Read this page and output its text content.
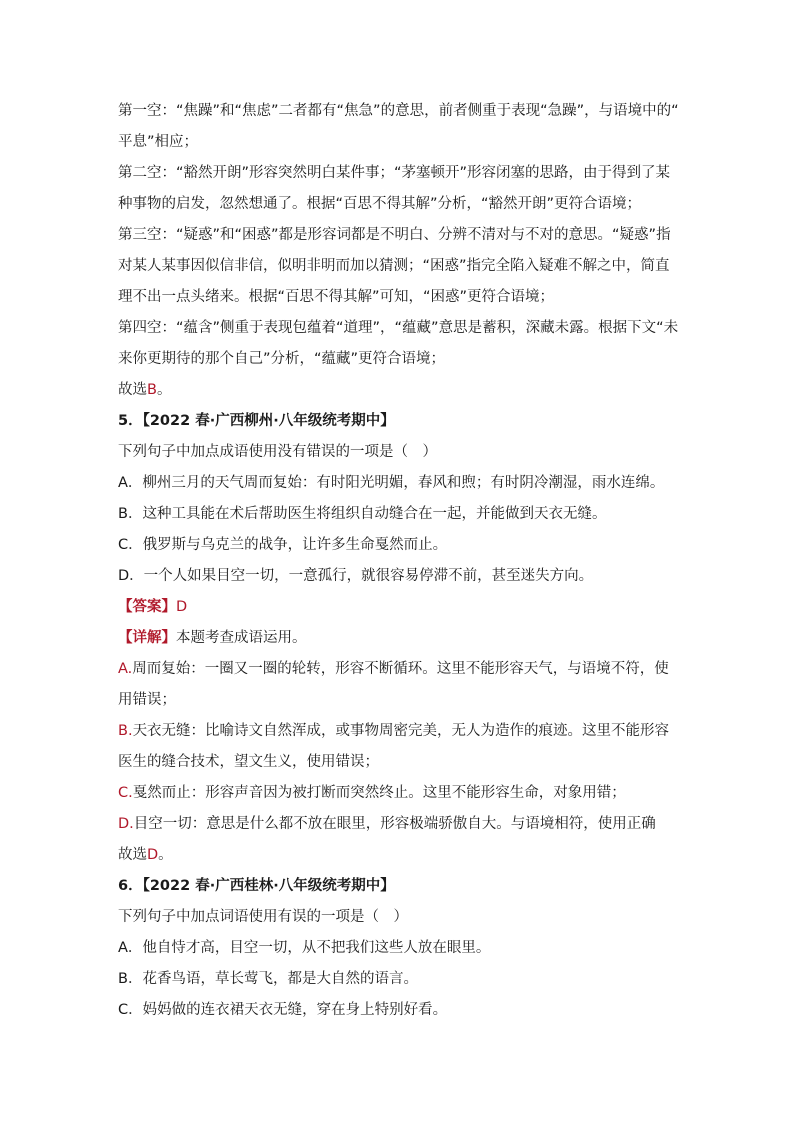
第一空：“焦躁”和“焦虑”二者都有“焦急”的意思，前者侧重于表现“急躁”，与语境中的“
平息”相应；
第二空：“豁然开朗”形容突然明白某件事；“茅塞顿开”形容闭塞的思路，由于得到了某
种事物的启发，忽然想通了。根据“百思不得其解”分析，“豁然开朗”更符合语境；
第三空：“疑惑”和“困惑”都是形容词都是不明白、分辨不清对与不对的意思。“疑惑”指
对某人某事因似信非信，似明非明而加以猜测；“困惑”指完全陷入疑难不解之中，简直
理不出一点头绪来。根据“百思不得其解”可知，“困惑”更符合语境；
第四空：“蕴含”侧重于表现包蕴着“道理”，“蕴藏”意思是蓄积，深藏未露。根据下文“未
来你更期待的那个自己”分析，“蕴藏”更符合语境；
故选B。
5．【2022 春·广西柳州·八年级统考期中】
下列句子中加点成语使用没有错误的一项是（　）
A．柳州三月的天气周而复始：有时阳光明媚，春风和煦；有时阴冷潮湿，雨水连绵。
B．这种工具能在术后帮助医生将组织自动缝合在一起，并能做到天衣无缝。
C．俄罗斯与乌克兰的战争，让许多生命戛然而止。
D．一个人如果目空一切，一意孤行，就很容易停滞不前，甚至迷失方向。
【答案】D
【详解】本题考查成语运用。
A.周而复始：一圈又一圈的轮转，形容不断循环。这里不能形容天气，与语境不符，使
用错误；
B.天衣无缝：比喻诗文自然浑成，或事物周密完美，无人为造作的痕迹。这里不能形容
医生的缝合技术，望文生义，使用错误；
C.戛然而止：形容声音因为被打断而突然终止。这里不能形容生命，对象用错；
D.目空一切：意思是什么都不放在眼里，形容极端骄傲自大。与语境相符，使用正确
故选D。
6．【2022 春·广西桂林·八年级统考期中】
下列句子中加点词语使用有误的一项是（　）
A．他自恃才高，目空一切，从不把我们这些人放在眼里。
B．花香鸟语，草长莺飞，都是大自然的语言。
C．妈妈做的连衣裙天衣无缝，穿在身上特别好看。
